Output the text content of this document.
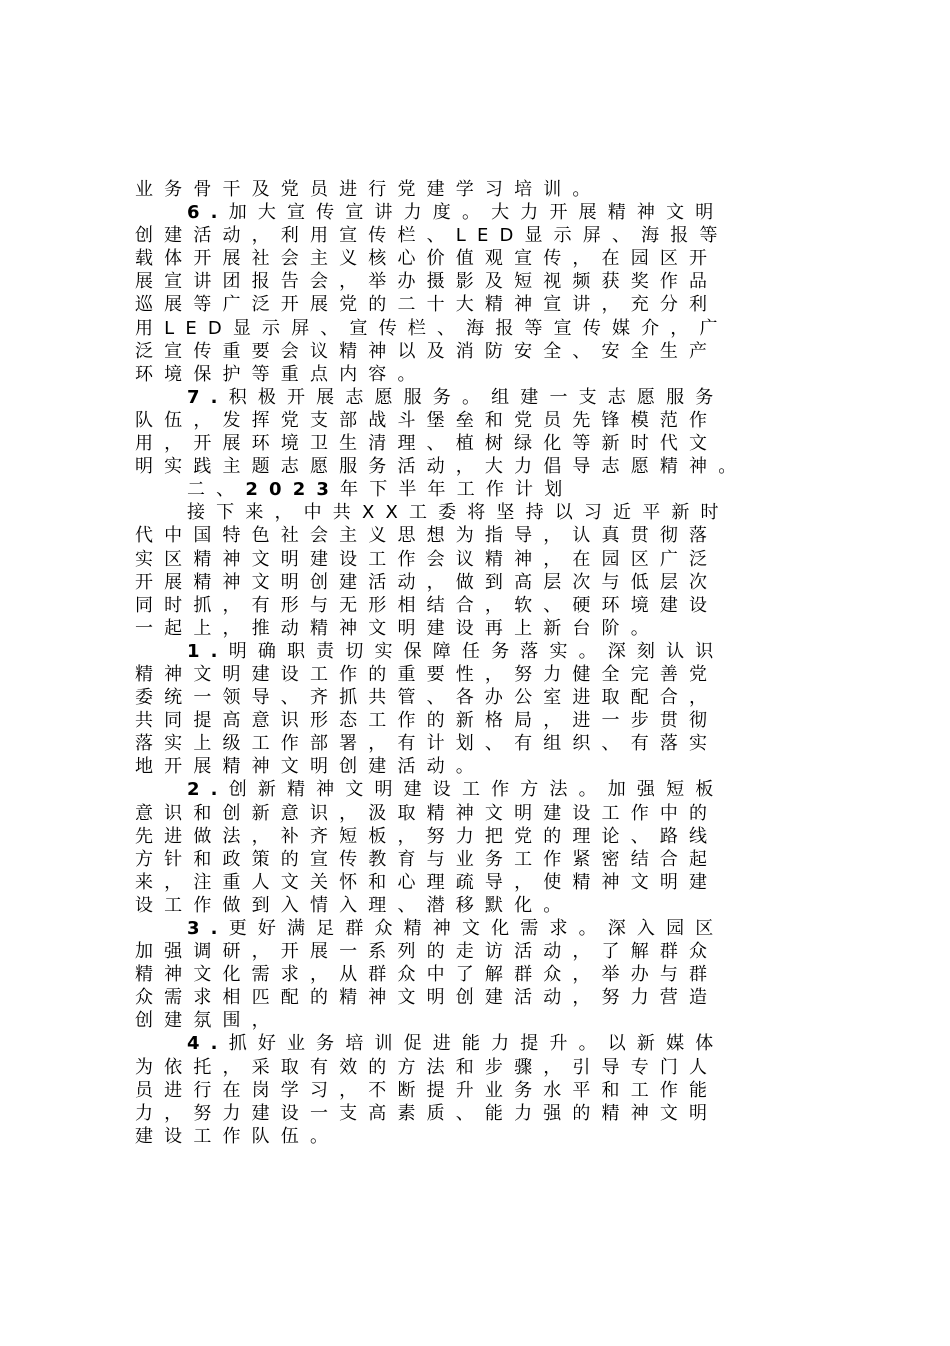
业务骨干及党员进行党建学习培训。
6.加大宣传宣讲力度。大力开展精神文明
创建活动，利用宣传栏、LED显示屏、海报等
载体开展社会主义核心价值观宣传，在园区开
展宣讲团报告会，举办摄影及短视频获奖作品
巡展等广泛开展党的二十大精神宣讲，充分利
用LED显示屏、宣传栏、海报等宣传媒介，广
泛宣传重要会议精神以及消防安全、安全生产
环境保护等重点内容。
7.积极开展志愿服务。组建一支志愿服务
队伍，发挥党支部战斗堡垒和党员先锋模范作
用，开展环境卫生清理、植树绿化等新时代文
明实践主题志愿服务活动，大力倡导志愿精神。
二、2023年下半年工作计划
接下来，中共XX工委将坚持以习近平新时
代中国特色社会主义思想为指导，认真贯彻落
实区精神文明建设工作会议精神，在园区广泛
开展精神文明创建活动，做到高层次与低层次
同时抓，有形与无形相结合，软、硬环境建设
一起上，推动精神文明建设再上新台阶。
1.明确职责切实保障任务落实。深刻认识
精神文明建设工作的重要性，努力健全完善党
委统一领导、齐抓共管、各办公室进取配合，
共同提高意识形态工作的新格局，进一步贯彻
落实上级工作部署，有计划、有组织、有落实
地开展精神文明创建活动。
2.创新精神文明建设工作方法。加强短板
意识和创新意识，汲取精神文明建设工作中的
先进做法，补齐短板，努力把党的理论、路线
方针和政策的宣传教育与业务工作紧密结合起
来，注重人文关怀和心理疏导，使精神文明建
设工作做到入情入理、潜移默化。
3.更好满足群众精神文化需求。深入园区
加强调研，开展一系列的走访活动，了解群众
精神文化需求，从群众中了解群众，举办与群
众需求相匹配的精神文明创建活动，努力营造
创建氛围，
4.抓好业务培训促进能力提升。以新媒体
为依托，采取有效的方法和步骤，引导专门人
员进行在岗学习，不断提升业务水平和工作能
力，努力建设一支高素质、能力强的精神文明
建设工作队伍。
